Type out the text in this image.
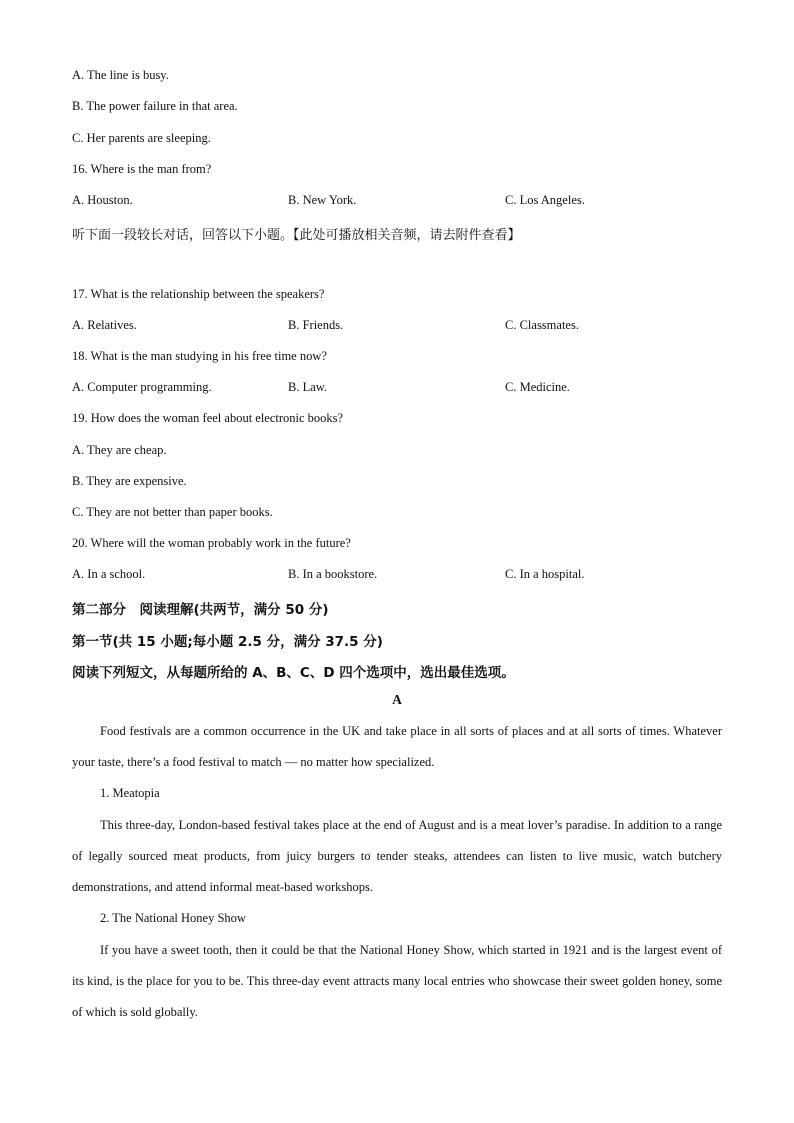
A. The line is busy.
B. The power failure in that area.
C. Her parents are sleeping.
16. Where is the man from?
A. Houston.	B. New York.	C. Los Angeles.
听下面一段较长对话，回答以下小题。【此处可播放相关音频，请去附件查看】
17. What is the relationship between the speakers?
A. Relatives.	B. Friends.	C. Classmates.
18. What is the man studying in his free time now?
A. Computer programming.	B. Law.	C. Medicine.
19. How does the woman feel about electronic books?
A. They are cheap.
B. They are expensive.
C. They are not better than paper books.
20. Where will the woman probably work in the future?
A. In a school.	B. In a bookstore.	C. In a hospital.
第二部分　阅读理解(共两节，满分 50 分)
第一节(共 15 小题;每小题 2.5 分，满分 37.5 分)
阅读下列短文，从每题所给的 A、B、C、D 四个选项中，选出最佳选项。
A
Food festivals are a common occurrence in the UK and take place in all sorts of places and at all sorts of times. Whatever your taste, there’s a food festival to match — no matter how specialized.
1. Meatopia
This three-day, London-based festival takes place at the end of August and is a meat lover’s paradise. In addition to a range of legally sourced meat products, from juicy burgers to tender steaks, attendees can listen to live music, watch butchery demonstrations, and attend informal meat-based workshops.
2. The National Honey Show
If you have a sweet tooth, then it could be that the National Honey Show, which started in 1921 and is the largest event of its kind, is the place for you to be. This three-day event attracts many local entries who showcase their sweet golden honey, some of which is sold globally.
